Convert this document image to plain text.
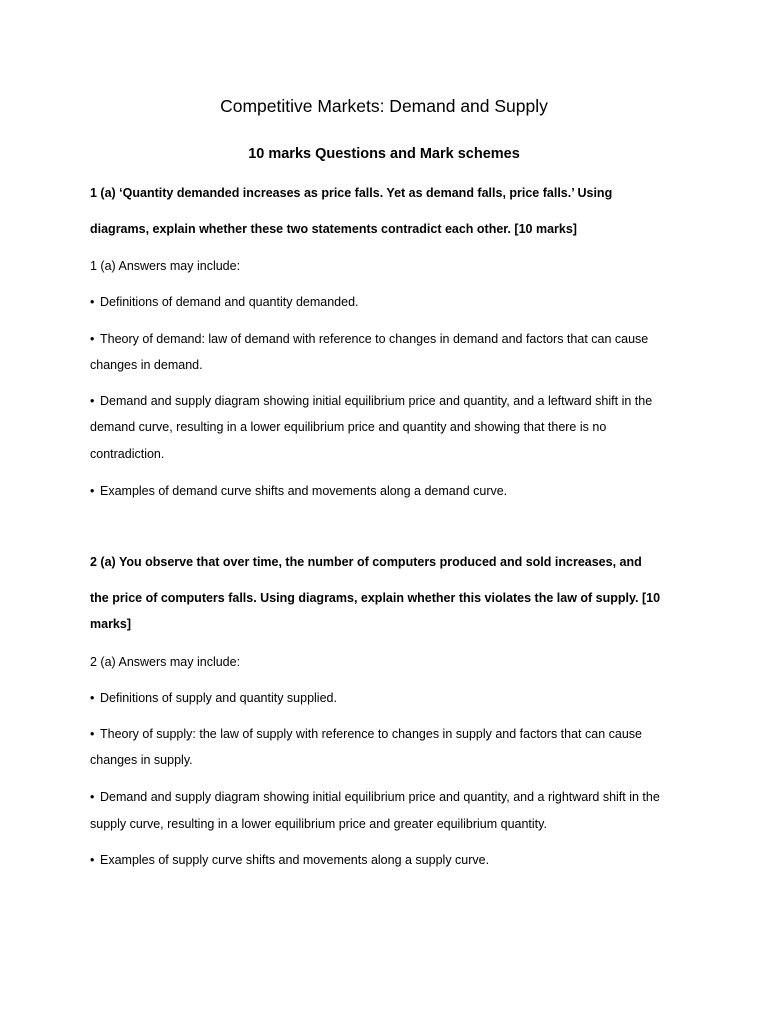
Competitive Markets: Demand and Supply
10 marks Questions and Mark schemes
1 (a) ‘Quantity demanded increases as price falls. Yet as demand falls, price falls.’ Using
diagrams, explain whether these two statements contradict each other. [10 marks]
1 (a) Answers may include:
• Definitions of demand and quantity demanded.
• Theory of demand: law of demand with reference to changes in demand and factors that can cause
changes in demand.
• Demand and supply diagram showing initial equilibrium price and quantity, and a leftward shift in the
demand curve, resulting in a lower equilibrium price and quantity and showing that there is no
contradiction.
• Examples of demand curve shifts and movements along a demand curve.
2 (a) You observe that over time, the number of computers produced and sold increases, and
the price of computers falls. Using diagrams, explain whether this violates the law of supply. [10
marks]
2 (a) Answers may include:
• Definitions of supply and quantity supplied.
• Theory of supply: the law of supply with reference to changes in supply and factors that can cause
changes in supply.
• Demand and supply diagram showing initial equilibrium price and quantity, and a rightward shift in the
supply curve, resulting in a lower equilibrium price and greater equilibrium quantity.
• Examples of supply curve shifts and movements along a supply curve.
